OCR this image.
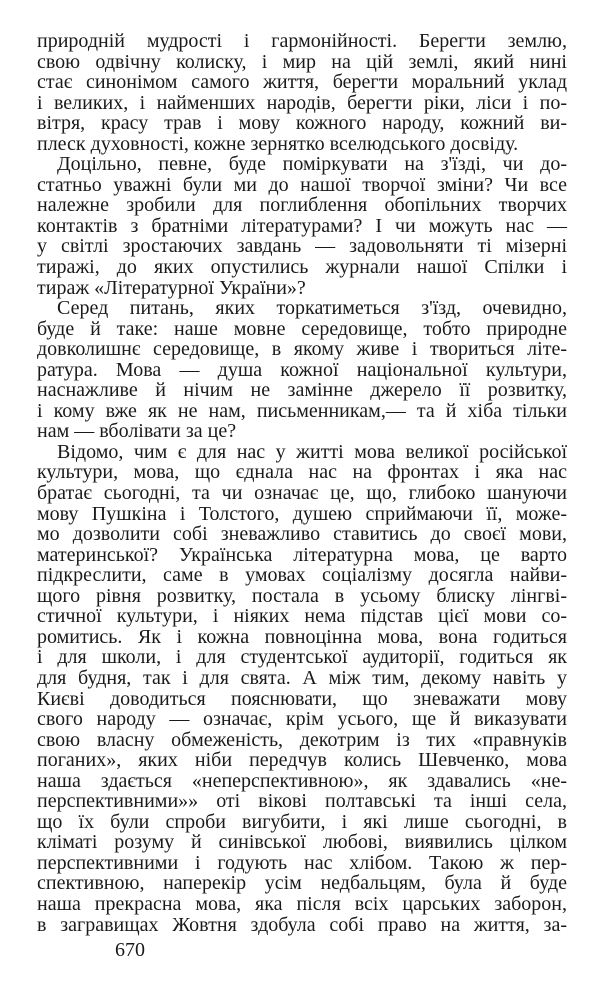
природній мудрості і гармонійності. Берегти землю,
свою одвічну колиску, і мир на цій землі, який нині
стає синонімом самого життя, берегти моральний уклад
і великих, і найменших народів, берегти ріки, ліси і по-
вітря, красу трав і мову кожного народу, кожний ви-
плеск духовності, кожне зернятко вселюдського досвіду.
Доцільно, певне, буде поміркувати на з'їзді, чи до-
статньо уважні були ми до нашої творчої зміни? Чи все
належне зробили для поглиблення обопільних творчих
контактів з братніми літературами? І чи можуть нас —
у світлі зростаючих завдань — задовольняти ті мізерні
тиражі, до яких опустились журнали нашої Спілки і
тираж «Літературної України»?
Серед питань, яких торкатиметься з'їзд, очевидно,
буде й таке: наше мовне середовище, тобто природне
довколишнє середовище, в якому живе і твориться літе-
ратура. Мова — душа кожної національної культури,
наснажливе й нічим не замінне джерело її розвитку,
і кому вже як не нам, письменникам,— та й хіба тільки
нам — вболівати за це?
Відомо, чим є для нас у житті мова великої російської
культури, мова, що єднала нас на фронтах і яка нас
братає сьогодні, та чи означає це, що, глибоко шануючи
мову Пушкіна і Толстого, душею сприймаючи її, може-
мо дозволити собі зневажливо ставитись до своєї мови,
материнської? Українська літературна мова, це варто
підкреслити, саме в умовах соціалізму досягла найви-
щого рівня розвитку, постала в усьому блиску лінгві-
стичної культури, і ніяких нема підстав цієї мови со-
ромитись. Як і кожна повноцінна мова, вона годиться
і для школи, і для студентської аудиторії, годиться як
для будня, так і для свята. А між тим, декому навіть у
Києві доводиться пояснювати, що зневажати мову
свого народу — означає, крім усього, ще й виказувати
свою власну обмеженість, декотрим із тих «правнуків
поганих», яких ніби передчув колись Шевченко, мова
наша здається «неперспективною», як здавались «не-
перспективними»» оті вікові полтавські та інші села,
що їх були спроби вигубити, і які лише сьогодні, в
кліматі розуму й синівської любові, виявились цілком
перспективними і годують нас хлібом. Такою ж пер-
спективною, наперекір усім недбальцям, була й буде
наша прекрасна мова, яка після всіх царських заборон,
в загравищах Жовтня здобула собі право на життя, за-
670
